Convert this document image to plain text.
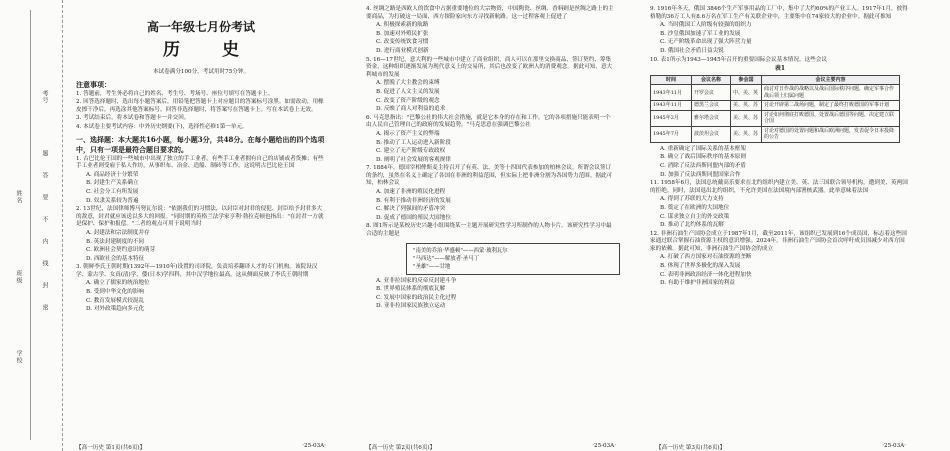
考号
题
答
要
不
内
线
封
密
班级
姓名
学校
高一年级七月份考试
历 史

本试卷满分100分，考试用时75分钟。

注意事项：

1. 答题前，考生务必将自己的姓名、考生号、考场号、座位号填写在答题卡上。

2. 回答选择题时，选出每小题答案后，用铅笔把答题卡上对应题目的答案标号涂黑。如需改动，用橡皮擦干净后，再选涂其他答案标号。回答非选择题时，将答案写在答题卡上。写在本试卷上无效。

3. 考试结束后，将本试卷和答题卡一并交回。

4. 本试卷主要考试内容：中外历史纲要(下)，选择性必修1第一单元。

一、选择题：本大题共16小题，每小题3分，共48分。在每小题给出的四个选项中，只有一项是最符合题目要求的。

1. 古巴比伦王国的一些城市中出现了独立的手工业者，有些手工业者拥有自己的店铺或者货摊；有些手工业者则受雇于私人作坊，从事织布、冶金、造船、制砖等工作。这说明古巴比伦王国

A. 商品经济十分繁荣

B. 封建生产关系确立

C. 社会分工有所发展

D. 奴隶关系较为普遍

2. 13世纪，法国律师博马努瓦尔说："依据我们的习惯法，以封臣对封君的侵犯、封臣给予封君多大的敌意，封君就应该送以多大的回报。"同时期的英格兰法学家亨利·勃拉克顿也指出："在封君一方就是保护、保护和报偿。"二者的观点可用于说明当时

A. 封建法和宗法制度并存

B. 英法封建制度的不同

C. 欧洲社会契约意识的萌芽

D. 西欧社会的基本特征

3. 朝鲜李氏王朝时期(1392年—1910年)设置的司译院，负责培养翻译人才的专门机构。该院设汉学、蒙古学、女真(清)学、倭(日本)学四科，其中汉学地位最高。这从侧面反映了李氏王朝时期

A. 确立了儒家的统治地位

B. 受到中华文化的影响

C. 教育发展模式较混乱

D. 对外政策趋向多元化

【高一历史 第1页(共6页)】	·25-03A·

4. 丝绸之路是西欧人的饮食中占据重要地位的大宗物资，中国陶瓷、丝绸、香料则是丝绸之路上的主要商品，为打破这一局面，西方探险家向东方寻找新航路。这一过程客观上促进了

A. 积极探索新的航路

B. 加速对外殖民扩张

C. 改变传统饮食习惯

D. 进行商业模式创新

5. 16—17世纪，意大利的一些城市中建立了商业组织，商人可以在那里交换商品、签订契约、筹集资金，这种组织逐渐发展为现代意义上的交易所，其后也改变了欧洲人的消费观念。据此可知，意大利城市的发展

A. 摆脱了大主教会的束缚

B. 促进了人文主义的发展

C. 改变了资产阶级的观念

D. 反映了商人对利益的追求

6. 马克思指出："巴黎公社的伟大社会措施，就是它本身的存在和工作。它的各项措施只能表明一个由人民自己管理自己的政府的发展趋势。"马克思意在强调巴黎公社

A. 揭示了资产主义的弊端

B. 推动了工人运动进入新阶段

C. 建立了无产阶级专政政权

D. 阐明了社会发展的客观规律

7. 1884年，德国宰相俾斯麦主持召开了有英、法、美等十四国代表参加的柏林会议。所谓会议签订的条约，虽然在名义上确定了各国在非洲的利益范围，但实际上把非洲分割为各国势力范围。据此可知，柏林会议

A. 加速了非洲的殖民化进程

B. 有利于推动非洲经济的发展

C. 解决了列强间的矛盾冲突

D. 促成了德国的殖民大国地位

8. 图1所示是某校历史兴趣小组围绕某一主题开展研究性学习所制作的人物卡片。该研究性学习中最合适的主题是

"南美的乔治·华盛顿"——西蒙·玻利瓦尔
"马西达"——解放者·圣马丁
"圣雄"——甘地

A. 亚非拉国家的反帝反封建斗争

B. 世界殖民体系的彻底瓦解

C. 发展中国家的政治民主化过程

D. 亚非拉国家民族独立运动

【高一历史 第2页(共6页)】	·25-03A·

9. 1916年冬天，俄国 3846个生产军事用品的工厂中，集中了大约60%的产业工人。1917年1月，彼得格勒的36万工人有8.6万名在军工生产有关联企业中，主要集中在74家较大的企业中。据此可推知

A. 当时俄国工人阶级有较强的组织力

B. 沙皇俄国加速了军工业的发展

C. 无产阶级革命出现了强大阵营力量

D. 俄国社会矛盾日益尖锐

10. 表1所示为1943—1945年召开的重要国际会议基本情况。这些会议

表1
时间	会议名称	参会国	会议主要内容
1943年11月	开罗会议	中、美、英	商讨对日作战的战略以及战后国际秩序问题，确定军事合作战后领土归属问题
1943年11月	德黑兰会议	美、英、苏	讨论开辟第二战场问题，制定了最终打败德国的军事计划
1945年2月	雅尔塔会议	美、英、苏	讨论如何彻底打败德国、处置战后德国等问题，决定建立联合国
1945年7月	波茨坦会议	美、英、苏	讨论对德国的处置问题和战后欧洲问题，发表促令日本投降的公告

A. 重新确定了国际关系的基本框架

B. 确立了战后国际秩序的基本原则

C. 消除了反法西斯同盟内部的矛盾

D. 加强了反法西斯同盟国家合作

11. 1958年6月，法国总统戴高乐要求在北约组织内建立美、英、法三国联合领导机构，遭到美、英两国的拒绝。同时，法国退出北约组织，不允许美国在法国境内部署核武器。此举意味着法国

A. 得到了苏联的大力支持

B. 奠定了在欧洲的大国地位

C. 谋求独立自主的外交政策

D. 推动了北约体系的瓦解

12. 非洲石油生产国协会成立于1987年1月，截至2011年，该组织已发展到16个成员国，标志着这些国家通过联合掌握石油资源主权的意识增强。2024年，非洲石油生产国协会首次呼吁成员国减少对西方国家的依赖。据此可知，非洲石油生产国协会的成立

A. 打破了西方国家对石油资源的垄断

B. 体现了世界多极化的深入发展

C. 表明非洲政治经济一体化进程加快

D. 有助于维护非洲国家的利益

【高一历史 第3页(共6页)】	·25-03A·
